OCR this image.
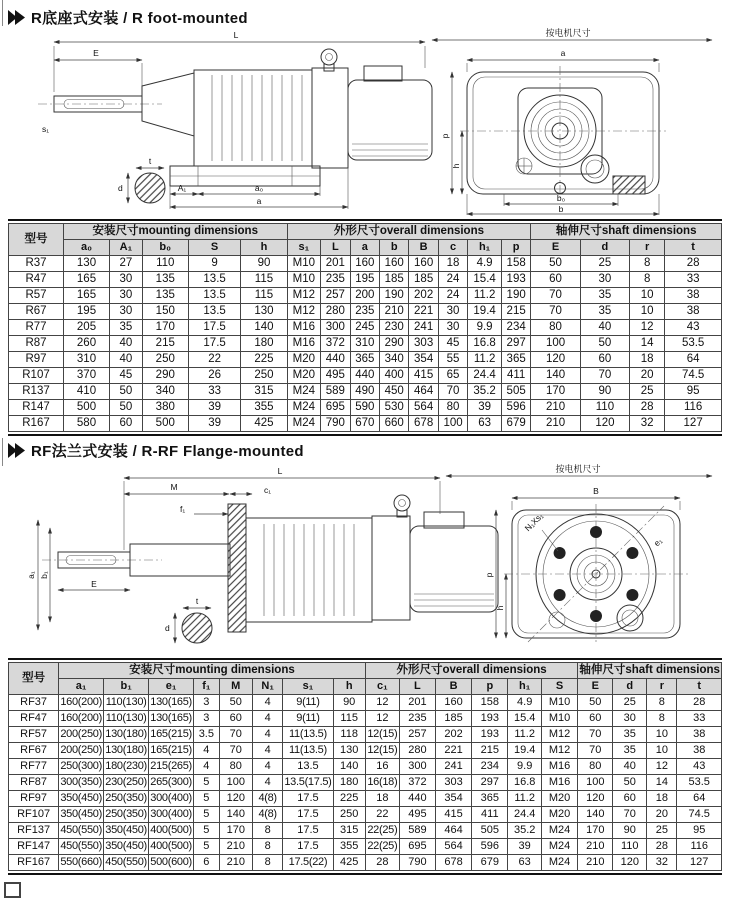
R底座式安装 / R foot-mounted
L	按电机尺寸
E
s₁
A₁	a₀
a
t
d
a
p
h
b₀
b
型号	安装尺寸mounting dimensions					外形尺寸overall dimensions								轴伸尺寸shaft dimensions			
	a₀	A₁	b₀	S	h	s₁	L	a	b	B	c	h₁	p	E	d	r	t
R37	130	27	110	9	90	M10	201	160	160	160	18	4.9	158	50	25	8	28
R47	165	30	135	13.5	115	M10	235	195	185	185	24	15.4	193	60	30	8	33
R57	165	30	135	13.5	115	M12	257	200	190	202	24	11.2	190	70	35	10	38
R67	195	30	150	13.5	130	M12	280	235	210	221	30	19.4	215	70	35	10	38
R77	205	35	170	17.5	140	M16	300	245	230	241	30	9.9	234	80	40	12	43
R87	260	40	215	17.5	180	M16	372	310	290	303	45	16.8	297	100	50	14	53.5
R97	310	40	250	22	225	M20	440	365	340	354	55	11.2	365	120	60	18	64
R107	370	45	290	26	250	M20	495	440	400	415	65	24.4	411	140	70	20	74.5
R137	410	50	340	33	315	M24	589	490	450	464	70	35.2	505	170	90	25	95
R147	500	50	380	39	355	M24	695	590	530	564	80	39	596	210	110	28	116
R167	580	60	500	39	425	M24	790	670	660	678	100	63	679	210	120	32	127
RF法兰式安装 / R-RF Flange-mounted
L	按电机尺寸
M	c₁
f₁
a₁ b₁
E
t
d
B
p
h
N₁Xs₁
e₁
型号	安装尺寸mounting dimensions								外形尺寸overall dimensions						轴伸尺寸shaft dimensions			
	a₁	b₁	e₁	f₁	M	N₁	s₁	h	c₁	L	B	p	h₁	S	E	d	r	t
RF37	160(200)	110(130)	130(165)	3	50	4	9(11)	90	12	201	160	158	4.9	M10	50	25	8	28
RF47	160(200)	110(130)	130(165)	3	60	4	9(11)	115	12	235	185	193	15.4	M10	60	30	8	33
RF57	200(250)	130(180)	165(215)	3.5	70	4	11(13.5)	118	12(15)	257	202	193	11.2	M12	70	35	10	38
RF67	200(250)	130(180)	165(215)	4	70	4	11(13.5)	130	12(15)	280	221	215	19.4	M12	70	35	10	38
RF77	250(300)	180(230)	215(265)	4	80	4	13.5	140	16	300	241	234	9.9	M16	80	40	12	43
RF87	300(350)	230(250)	265(300)	5	100	4	13.5(17.5)	180	16(18)	372	303	297	16.8	M16	100	50	14	53.5
RF97	350(450)	250(350)	300(400)	5	120	4(8)	17.5	225	18	440	354	365	11.2	M20	120	60	18	64
RF107	350(450)	250(350)	300(400)	5	140	4(8)	17.5	250	22	495	415	411	24.4	M20	140	70	20	74.5
RF137	450(550)	350(450)	400(500)	5	170	8	17.5	315	22(25)	589	464	505	35.2	M24	170	90	25	95
RF147	450(550)	350(450)	400(500)	5	210	8	17.5	355	22(25)	695	564	596	39	M24	210	110	28	116
RF167	550(660)	450(550)	500(600)	6	210	8	17.5(22)	425	28	790	678	679	63	M24	210	120	32	127
